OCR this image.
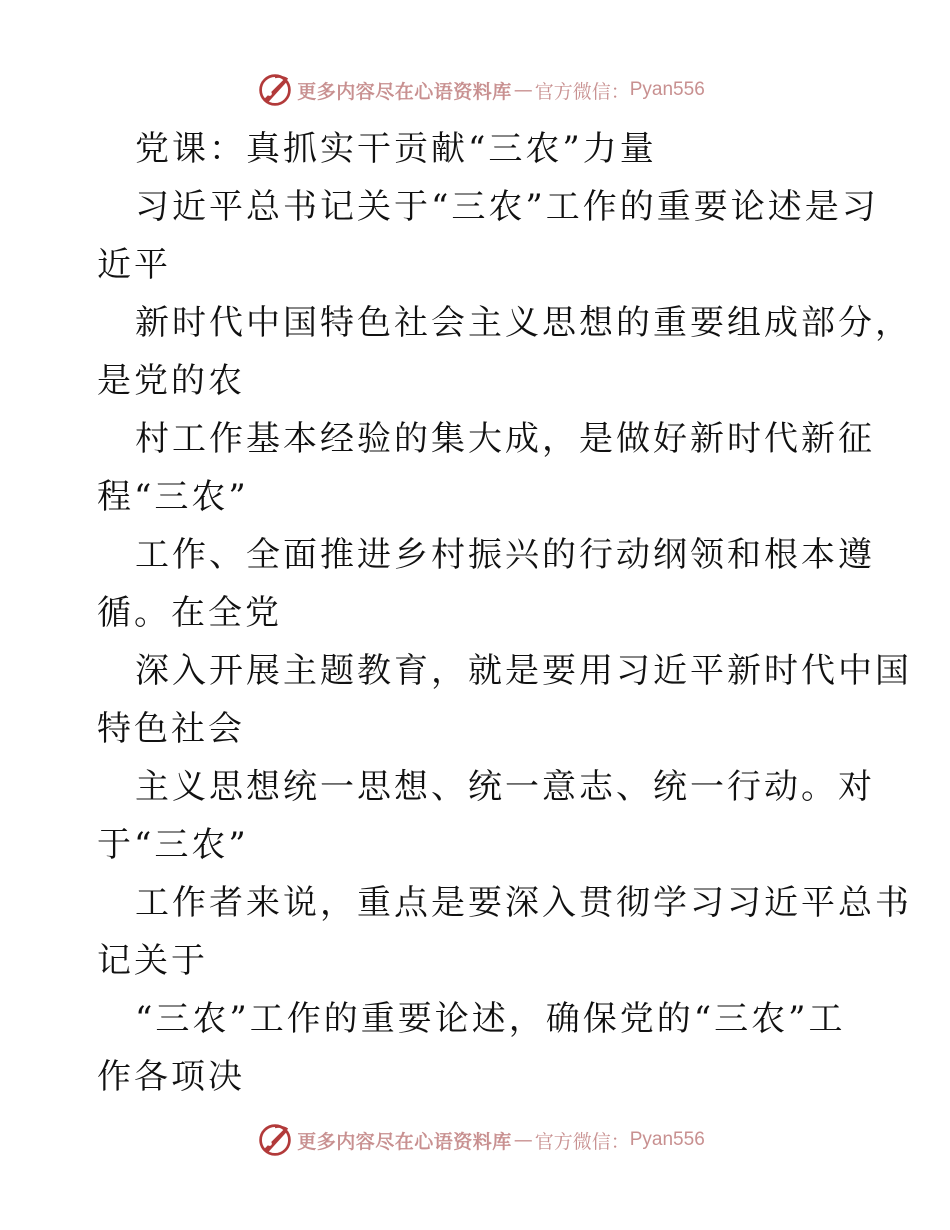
更多内容尽在心语资料库 — 官方微信： Pyan556
党课：真抓实干贡献“三农”力量
习近平总书记关于“三农”工作的重要论述是习
近平
新时代中国特色社会主义思想的重要组成部分，
是党的农
村工作基本经验的集大成，是做好新时代新征
程“三农”
工作、全面推进乡村振兴的行动纲领和根本遵
循。在全党
深入开展主题教育，就是要用习近平新时代中国
特色社会
主义思想统一思想、统一意志、统一行动。对
于“三农”
工作者来说，重点是要深入贯彻学习习近平总书
记关于
“三农”工作的重要论述，确保党的“三农”工
作各项决
更多内容尽在心语资料库 — 官方微信： Pyan556
